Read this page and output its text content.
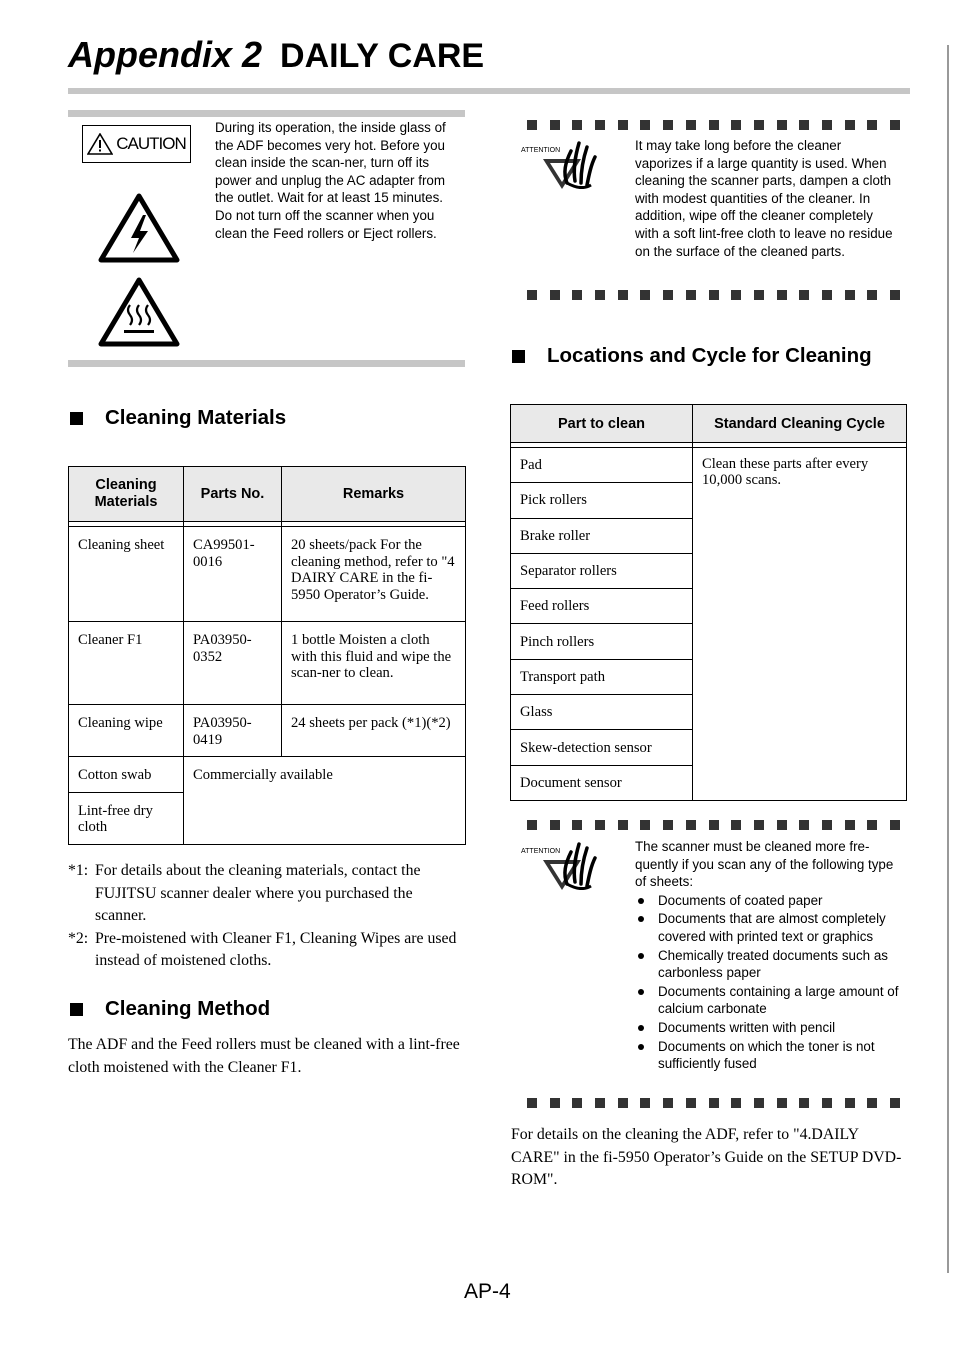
Appendix 2 DAILY CARE
CAUTION
During its operation, the inside glass of the ADF becomes very hot. Before you clean inside the scan-ner, turn off its power and unplug the AC adapter from the outlet. Wait for at least 15 minutes. Do not turn off the scanner when you clean the Feed rollers or Eject rollers.
ATTENTION	It may take long before the cleaner vaporizes if a large quantity is used. When cleaning the scanner parts, dampen a cloth with modest quantities of the cleaner. In addition, wipe off the cleaner completely with a soft lint-free cloth to leave no residue on the surface of the cleaned parts.
Locations and Cycle for Cleaning
Cleaning Materials
Cleaning Materials	Parts No.	Remarks

Cleaning sheet	CA99501-0016	20 sheets/pack For the cleaning method, refer to "4 DAIRY CARE in the fi-5950 Operator’s Guide.
Cleaner F1	PA03950-0352	1 bottle Moisten a cloth with this fluid and wipe the scan-ner to clean.
Cleaning wipe	PA03950-0419	24 sheets per pack (*1)(*2)
Cotton swab	Commercially available	
Lint-free dry cloth		
*1: For details about the cleaning materials, contact the FUJITSU scanner dealer where you purchased the scanner.
*2: Pre-moistened with Cleaner F1, Cleaning Wipes are used instead of moistened cloths.
Cleaning Method
The ADF and the Feed rollers must be cleaned with a lint-free cloth moistened with the Cleaner F1.
Part to clean	Standard Cleaning Cycle

Pad	Clean these parts after every 10,000 scans.
Pick rollers	
Brake roller	
Separator rollers	
Feed rollers	
Pinch rollers	
Transport path	
Glass	
Skew-detection sensor	
Document sensor	
ATTENTION	The scanner must be cleaned more fre-quently if you scan any of the following type of sheets:
Documents of coated paper
Documents that are almost completely covered with printed text or graphics
Chemically treated documents such as carbonless paper
Documents containing a large amount of calcium carbonate
Documents written with pencil
Documents on which the toner is not sufficiently fused
For details on the cleaning the ADF, refer to "4.DAILY CARE" in the fi-5950 Operator’s Guide on the SETUP DVD-ROM".
AP-4
